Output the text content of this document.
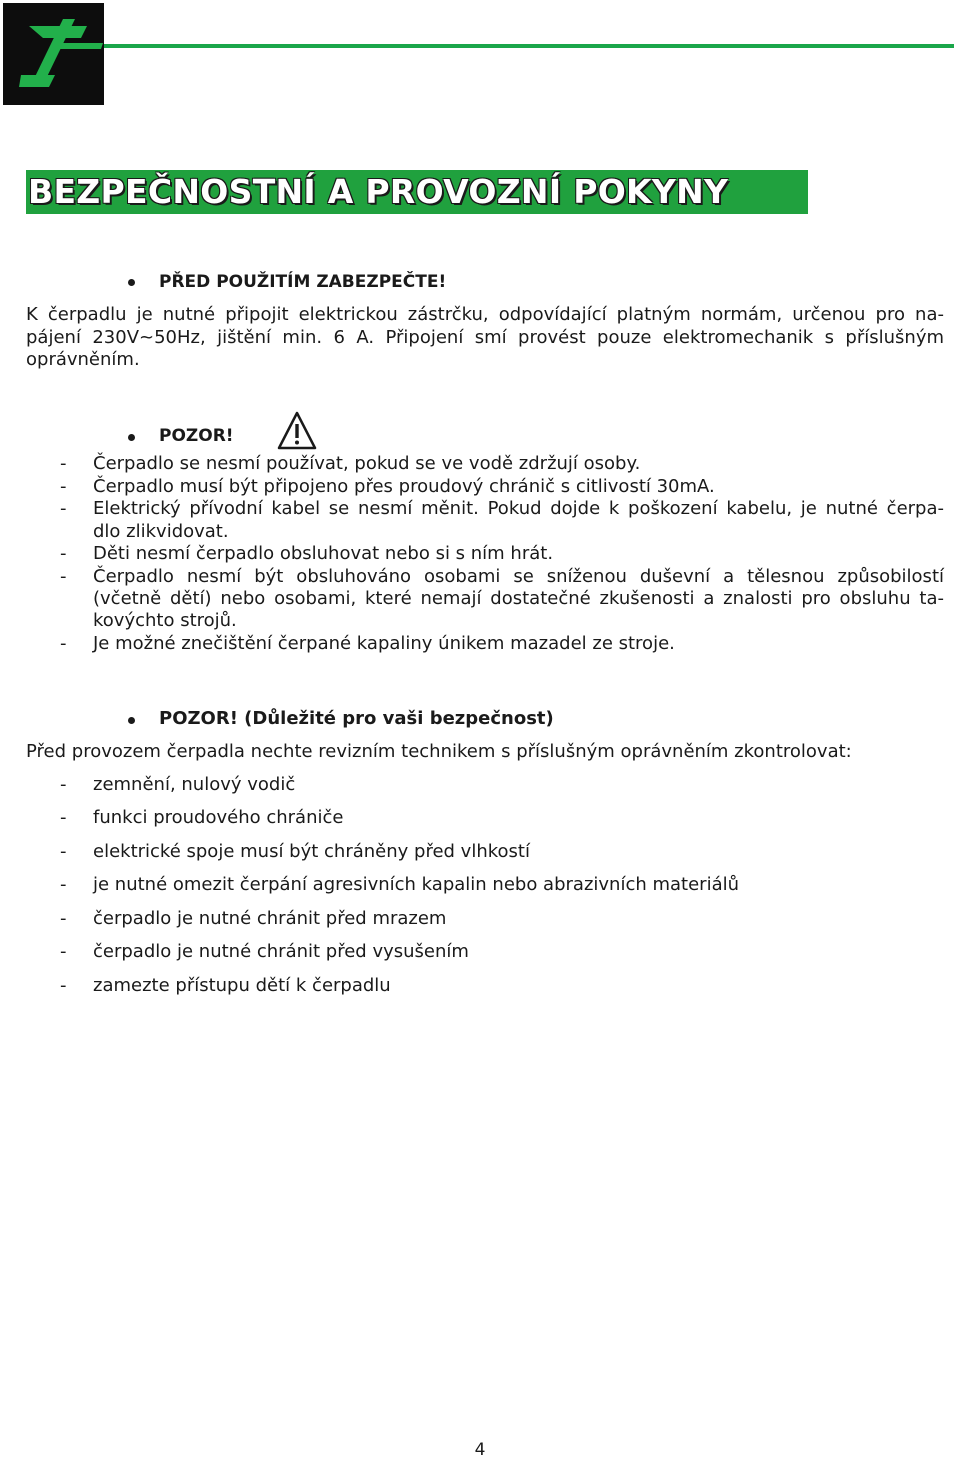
BEZPEČNOSTNÍ A PROVOZNÍ POKYNY
PŘED POUŽITÍM ZABEZPEČTE!
K čerpadlu je nutné připojit elektrickou zástrčku, odpovídající platným normám, určenou pro na-
pájení 230V~50Hz, jištění min. 6 A. Připojení smí provést pouze elektromechanik s příslušným
oprávněním.
POZOR!
- Čerpadlo se nesmí používat, pokud se ve vodě zdržují osoby.
- Čerpadlo musí být připojeno přes proudový chránič s citlivostí 30mA.
- Elektrický přívodní kabel se nesmí měnit. Pokud dojde k poškození kabelu, je nutné čerpa-
dlo zlikvidovat.
- Děti nesmí čerpadlo obsluhovat nebo si s ním hrát.
- Čerpadlo nesmí být obsluhováno osobami se sníženou duševní a tělesnou způsobilostí
(včetně dětí) nebo osobami, které nemají dostatečné zkušenosti a znalosti pro obsluhu ta-
kovýchto strojů.
- Je možné znečištění čerpané kapaliny únikem mazadel ze stroje.
POZOR! (Důležité pro vaši bezpečnost)
Před provozem čerpadla nechte revizním technikem s příslušným oprávněním zkontrolovat:
- zemnění, nulový vodič
- funkci proudového chrániče
- elektrické spoje musí být chráněny před vlhkostí
- je nutné omezit čerpání agresivních kapalin nebo abrazivních materiálů
- čerpadlo je nutné chránit před mrazem
- čerpadlo je nutné chránit před vysušením
- zamezte přístupu dětí k čerpadlu
4
